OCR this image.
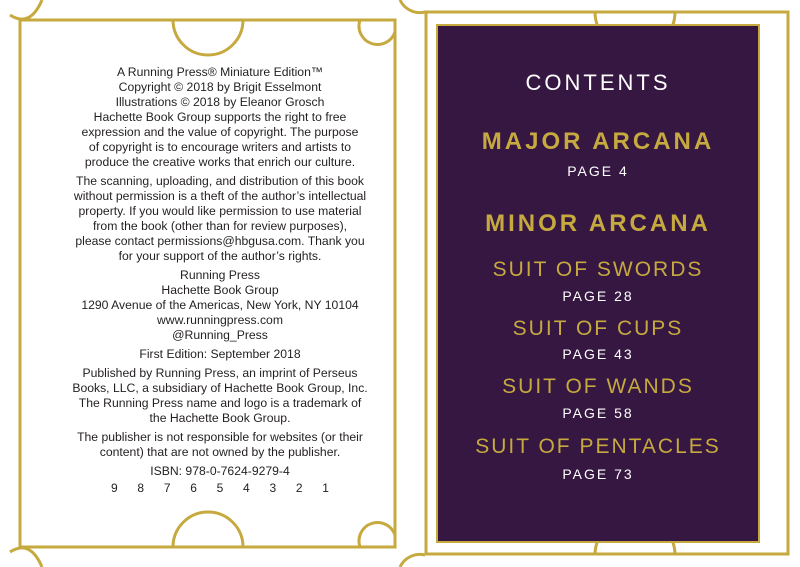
A Running Press® Miniature Edition™
Copyright © 2018 by Brigit Esselmont
Illustrations © 2018 by Eleanor Grosch
Hachette Book Group supports the right to free
expression and the value of copyright. The purpose
of copyright is to encourage writers and artists to
produce the creative works that enrich our culture.
The scanning, uploading, and distribution of this book
without permission is a theft of the author’s intellectual
property. If you would like permission to use material
from the book (other than for review purposes),
please contact permissions@hbgusa.com. Thank you
for your support of the author’s rights.
Running Press
Hachette Book Group
1290 Avenue of the Americas, New York, NY 10104
www.runningpress.com
@Running_Press
First Edition: September 2018
Published by Running Press, an imprint of Perseus
Books, LLC, a subsidiary of Hachette Book Group, Inc.
The Running Press name and logo is a trademark of
the Hachette Book Group.
The publisher is not responsible for websites (or their
content) that are not owned by the publisher.
ISBN: 978-0-7624-9279-4
9 8 7 6 5 4 3 2 1
CONTENTS
MAJOR ARCANA
PAGE 4
MINOR ARCANA
SUIT OF SWORDS
PAGE 28
SUIT OF CUPS
PAGE 43
SUIT OF WANDS
PAGE 58
SUIT OF PENTACLES
PAGE 73
